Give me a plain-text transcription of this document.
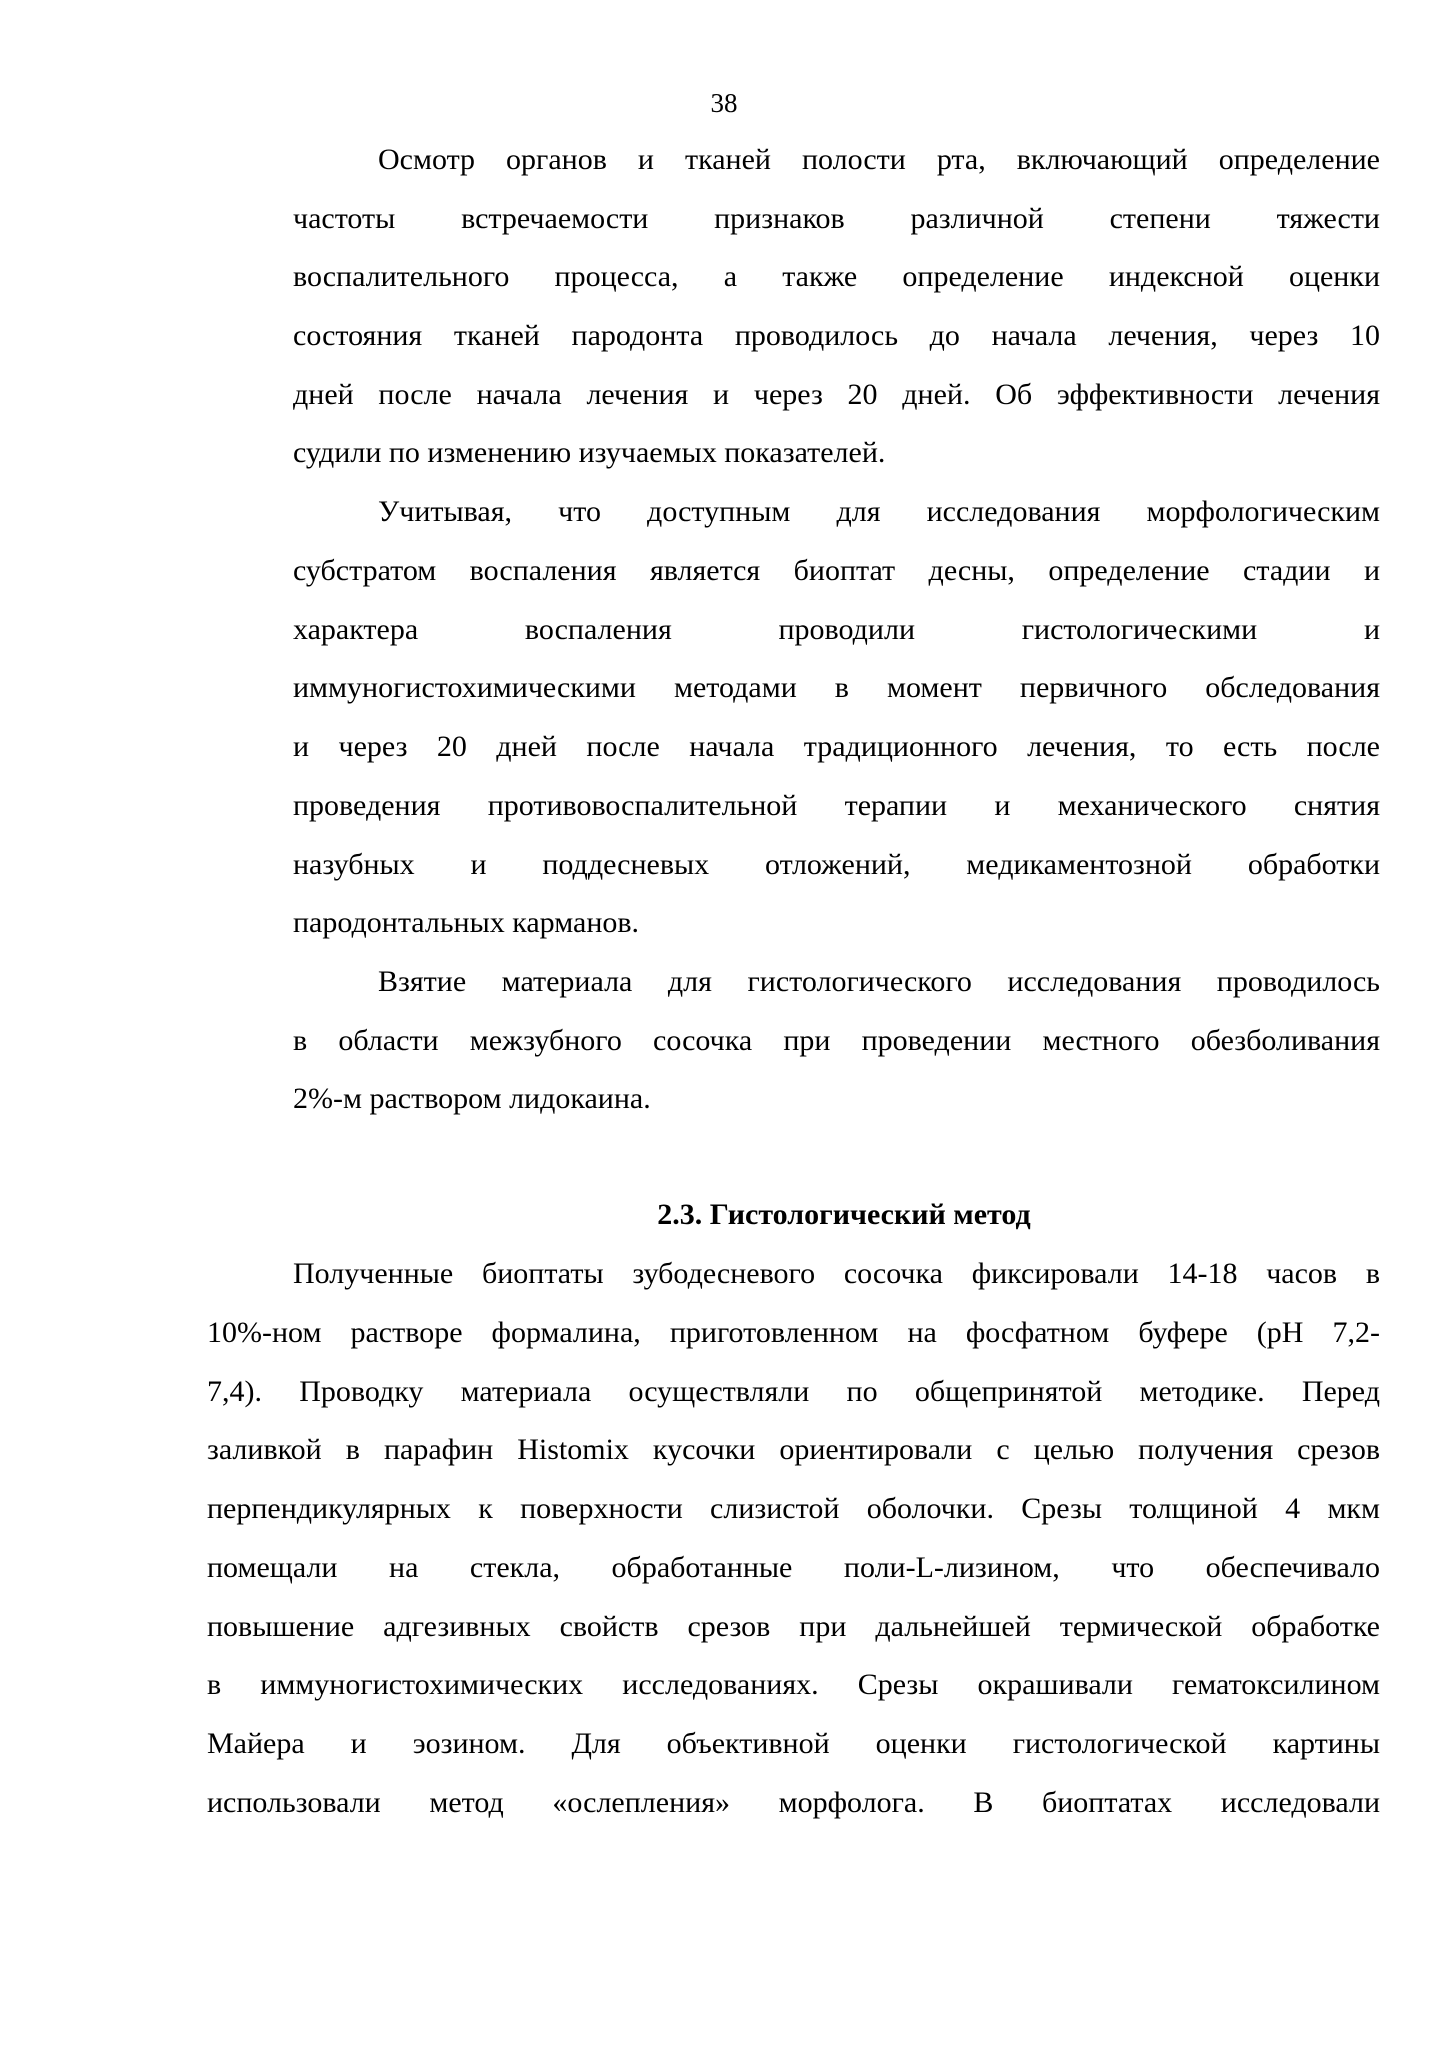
38
Осмотр органов и тканей полости рта, включающий определение
частоты встречаемости признаков различной степени тяжести
воспалительного процесса, а также определение индексной оценки
состояния тканей пародонта проводилось до начала лечения, через 10
дней после начала лечения и через 20 дней. Об эффективности лечения
судили по изменению изучаемых показателей.
Учитывая, что доступным для исследования морфологическим
субстратом воспаления является биоптат десны, определение стадии и
характера воспаления проводили гистологическими и
иммуногистохимическими методами в момент первичного обследования
и через 20 дней после начала традиционного лечения, то есть после
проведения противовоспалительной терапии и механического снятия
назубных и поддесневых отложений, медикаментозной обработки
пародонтальных карманов.
Взятие материала для гистологического исследования проводилось
в области межзубного сосочка при проведении местного обезболивания
2%-м раствором лидокаина.
2.3. Гистологический метод
Полученные биоптаты зубодесневого сосочка фиксировали 14-18 часов в
10%-ном растворе формалина, приготовленном на фосфатном буфере (pH 7,2-
7,4). Проводку материала осуществляли по общепринятой методике. Перед
заливкой в парафин Histomix кусочки ориентировали с целью получения срезов
перпендикулярных к поверхности слизистой оболочки. Срезы толщиной 4 мкм
помещали на стекла, обработанные поли-L-лизином, что обеспечивало
повышение адгезивных свойств срезов при дальнейшей термической обработке
в иммуногистохимических исследованиях. Срезы окрашивали гематоксилином
Майера и эозином. Для объективной оценки гистологической картины
использовали метод «ослепления» морфолога. В биоптатах исследовали
